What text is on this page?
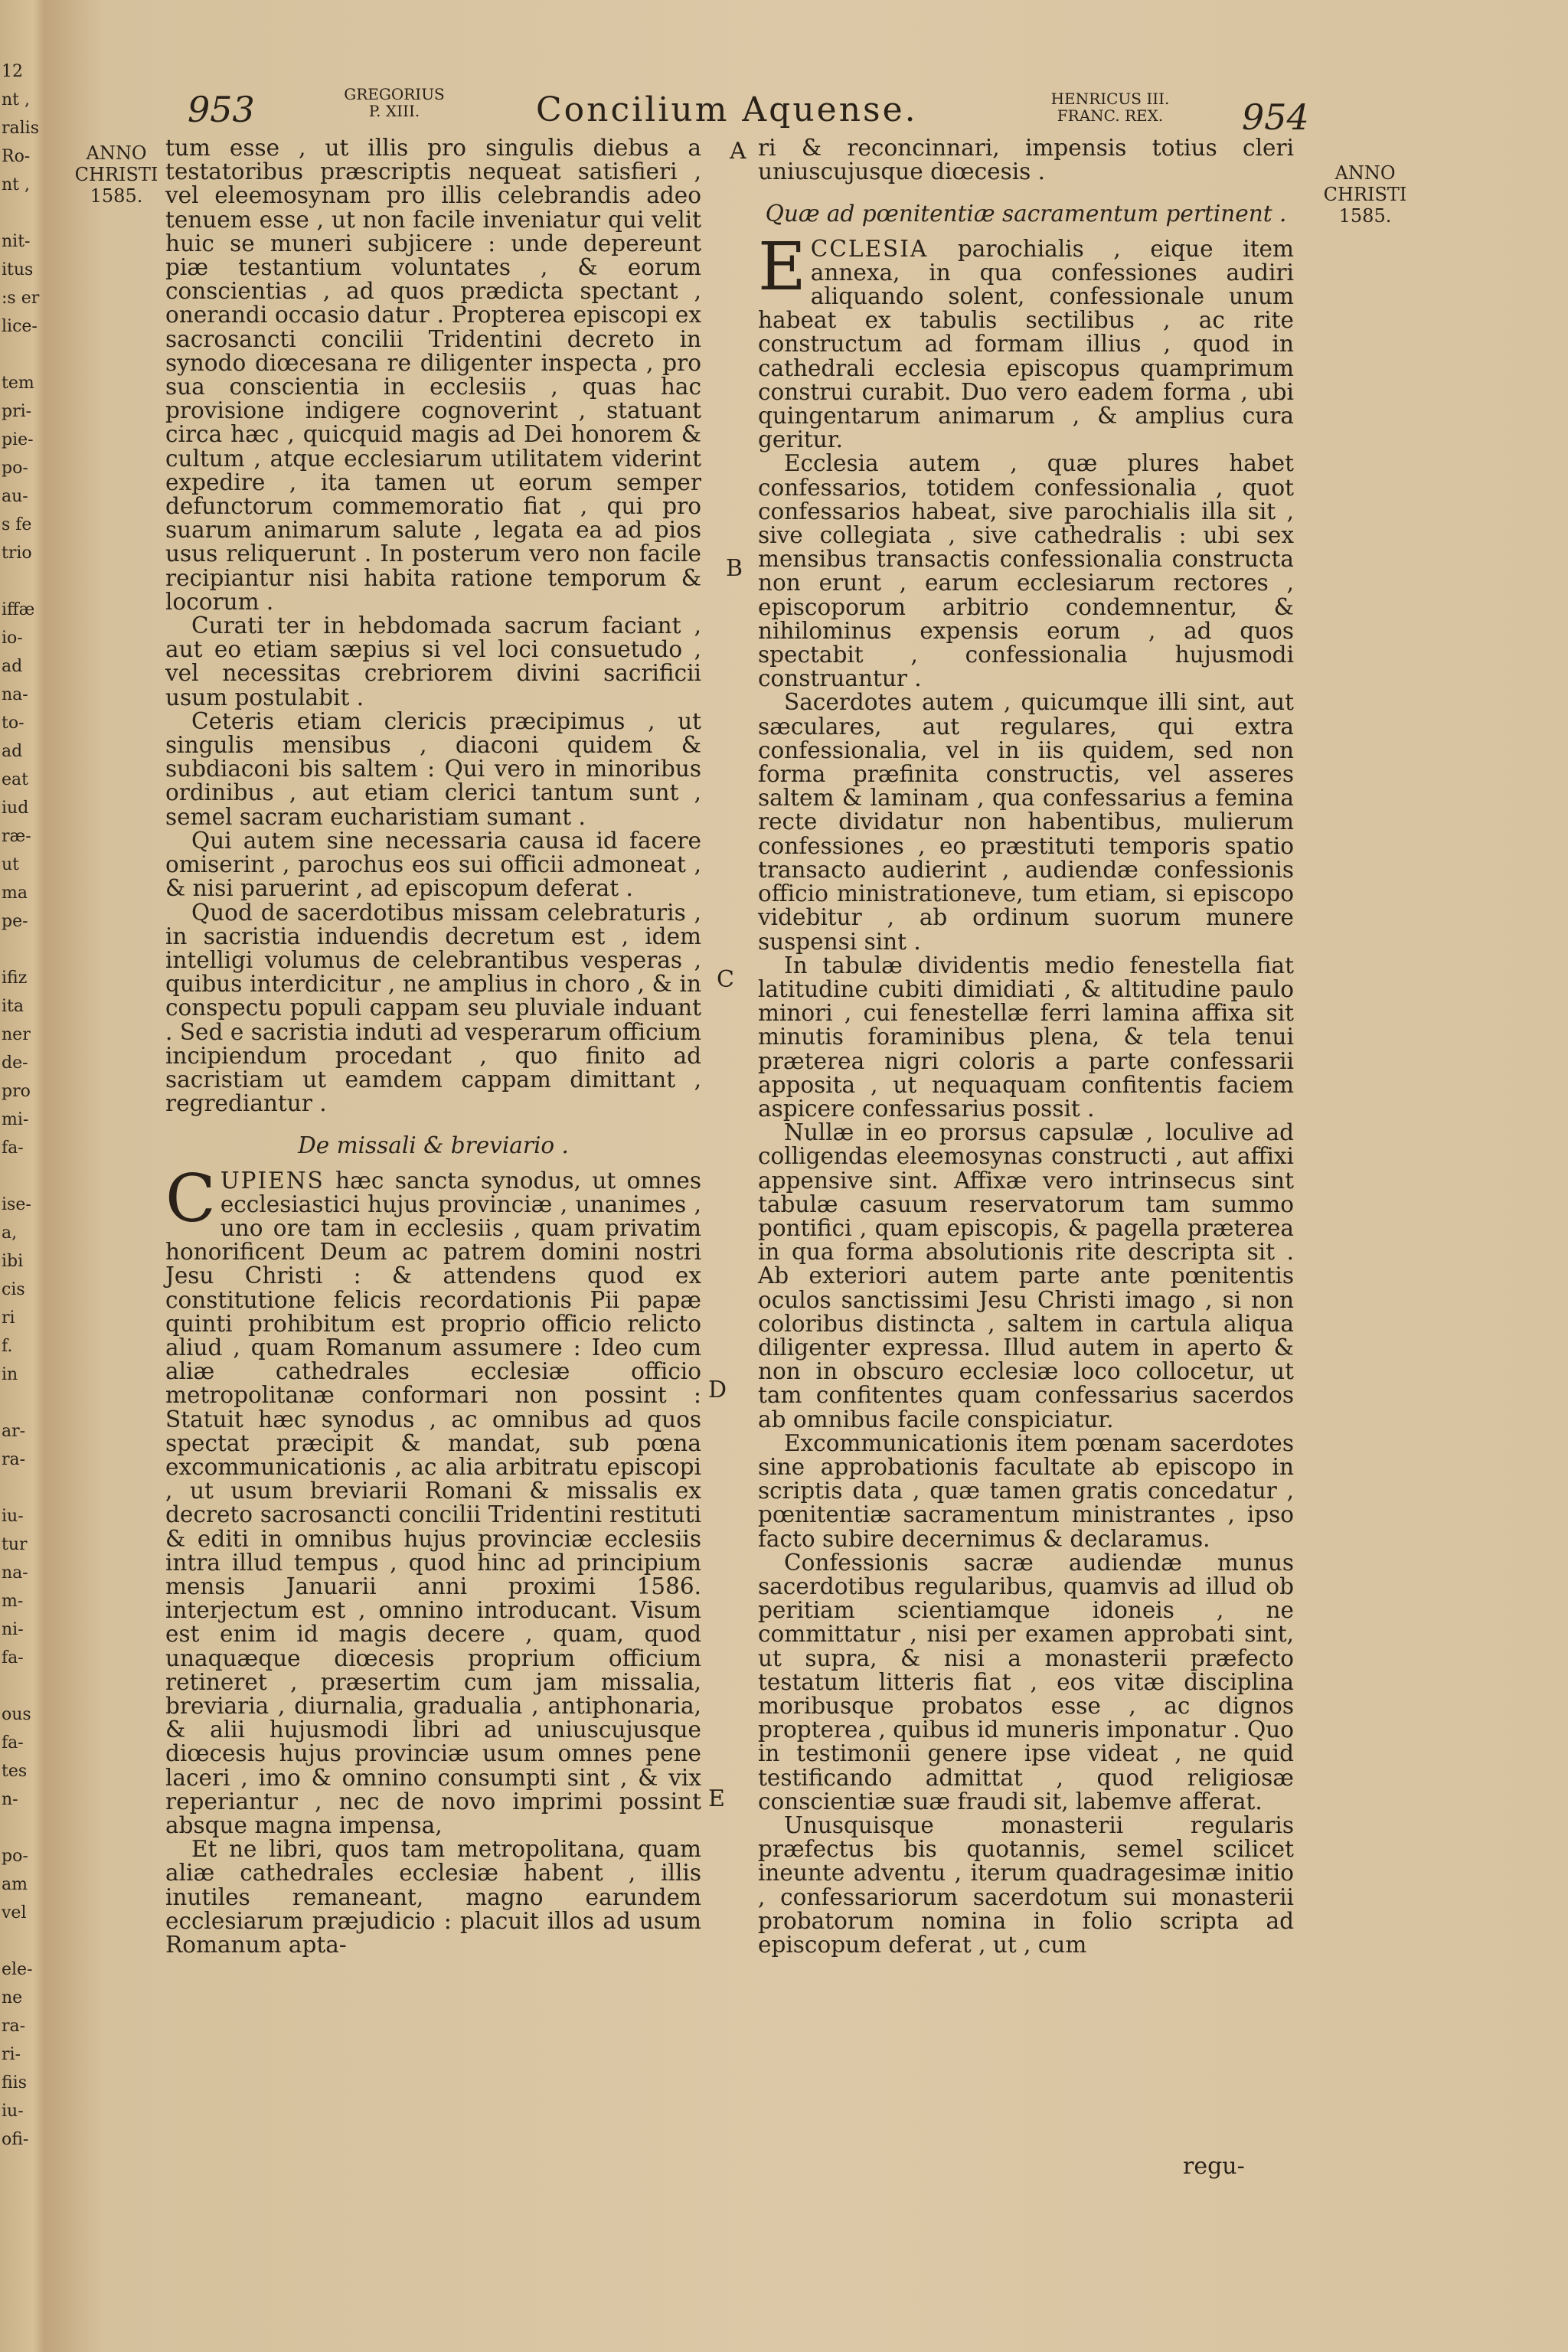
12
nt ,
ralis
Ro-
nt ,
nit-
itus
:s er
lice-
tem
pri-
pie-
po-
au-
s fe
trio
iffæ
io-
ad
na-
to-
ad
eat
iud
ræ-
ut
ma
pe-
ifiz
ita
ner
de-
pro
mi-
fa-
ise-
a,
ibi
cis
ri
f.
in
ar-
ra-
iu-
tur
na-
m-
ni-
fa-
ous
fa-
tes
n-
po-
am
vel
ele-
ne
ra-
ri-
fiis
iu-
ofi-
953	GREGORIUS
P. XIII.	Concilium Aquense.	HENRICUS III.
FRANC. REX.	954
ANNO
CHRISTI
1585.
ANNO
CHRISTI
1585.
A
B
C
D
E

tum esse , ut illis pro singulis diebus a testatoribus præscriptis nequeat satisfieri , vel eleemosynam pro illis celebrandis adeo tenuem esse , ut non facile inveniatur qui velit huic se muneri subjicere : unde depereunt piæ testantium voluntates , & eorum conscientias , ad quos prædicta spectant , onerandi occasio datur . Propterea episcopi ex sacrosancti concilii Tridentini decreto in synodo diœcesana re diligenter inspecta , pro sua conscientia in ecclesiis , quas hac provisione indigere cognoverint , statuant circa hæc , quicquid magis ad Dei honorem & cultum , atque ecclesiarum utilitatem viderint expedire , ita tamen ut eorum semper defunctorum commemoratio fiat , qui pro suarum animarum salute , legata ea ad pios usus reliquerunt . In posterum vero non facile recipiantur nisi habita ratione temporum & locorum .

Curati ter in hebdomada sacrum faciant , aut eo etiam sæpius si vel loci consuetudo , vel necessitas crebriorem divini sacrificii usum postulabit .

Ceteris etiam clericis præcipimus , ut singulis mensibus , diaconi quidem & subdiaconi bis saltem : Qui vero in minoribus ordinibus , aut etiam clerici tantum sunt , semel sacram eucharistiam sumant .

Qui autem sine necessaria causa id facere omiserint , parochus eos sui officii admoneat , & nisi paruerint , ad episcopum deferat .

Quod de sacerdotibus missam celebraturis , in sacristia induendis decretum est , idem intelligi volumus de celebrantibus vesperas , quibus interdicitur , ne amplius in choro , & in conspectu populi cappam seu pluviale induant . Sed e sacristia induti ad vesperarum officium incipiendum procedant , quo finito ad sacristiam ut eamdem cappam dimittant , regrediantur .

De missali & breviario .

CUPIENS hæc sancta synodus, ut omnes ecclesiastici hujus provinciæ , unanimes , uno ore tam in ecclesiis , quam privatim honorificent Deum ac patrem domini nostri Jesu Christi : & attendens quod ex constitutione felicis recordationis Pii papæ quinti prohibitum est proprio officio relicto aliud , quam Romanum assumere : Ideo cum aliæ cathedrales ecclesiæ officio metropolitanæ conformari non possint : Statuit hæc synodus , ac omnibus ad quos spectat præcipit & mandat, sub pœna excommunicationis , ac alia arbitratu episcopi , ut usum breviarii Romani & missalis ex decreto sacrosancti concilii Tridentini restituti & editi in omnibus hujus provinciæ ecclesiis intra illud tempus , quod hinc ad principium mensis Januarii anni proximi 1586. interjectum est , omnino introducant. Visum est enim id magis decere , quam, quod unaquæque diœcesis proprium officium retineret , præsertim cum jam missalia, breviaria , diurnalia, gradualia , antiphonaria, & alii hujusmodi libri ad uniuscujusque diœcesis hujus provinciæ usum omnes pene laceri , imo & omnino consumpti sint , & vix reperiantur , nec de novo imprimi possint absque magna impensa,

Et ne libri, quos tam metropolitana, quam aliæ cathedrales ecclesiæ habent , illis inutiles remaneant, magno earundem ecclesiarum præjudicio : placuit illos ad usum Romanum apta-

ri & reconcinnari, impensis totius cleri uniuscujusque diœcesis .

Quæ ad pœnitentiæ sacramentum pertinent .

ECCLESIA parochialis , eique item annexa, in qua confessiones audiri aliquando solent, confessionale unum habeat ex tabulis sectilibus , ac rite constructum ad formam illius , quod in cathedrali ecclesia episcopus quamprimum construi curabit. Duo vero eadem forma , ubi quingentarum animarum , & amplius cura geritur.

Ecclesia autem , quæ plures habet confessarios, totidem confessionalia , quot confessarios habeat, sive parochialis illa sit , sive collegiata , sive cathedralis : ubi sex mensibus transactis confessionalia constructa non erunt , earum ecclesiarum rectores , episcoporum arbitrio condemnentur, & nihilominus expensis eorum , ad quos spectabit , confessionalia hujusmodi construantur .

Sacerdotes autem , quicumque illi sint, aut sæculares, aut regulares, qui extra confessionalia, vel in iis quidem, sed non forma præfinita constructis, vel asseres saltem & laminam , qua confessarius a femina recte dividatur non habentibus, mulierum confessiones , eo præstituti temporis spatio transacto audierint , audiendæ confessionis officio ministrationeve, tum etiam, si episcopo videbitur , ab ordinum suorum munere suspensi sint .

In tabulæ dividentis medio fenestella fiat latitudine cubiti dimidiati , & altitudine paulo minori , cui fenestellæ ferri lamina affixa sit minutis foraminibus plena, & tela tenui præterea nigri coloris a parte confessarii apposita , ut nequaquam confitentis faciem aspicere confessarius possit .

Nullæ in eo prorsus capsulæ , loculive ad colligendas eleemosynas constructi , aut affixi appensive sint. Affixæ vero intrinsecus sint tabulæ casuum reservatorum tam summo pontifici , quam episcopis, & pagella præterea in qua forma absolutionis rite descripta sit . Ab exteriori autem parte ante pœnitentis oculos sanctissimi Jesu Christi imago , si non coloribus distincta , saltem in cartula aliqua diligenter expressa. Illud autem in aperto & non in obscuro ecclesiæ loco collocetur, ut tam confitentes quam confessarius sacerdos ab omnibus facile conspiciatur.

Excommunicationis item pœnam sacerdotes sine approbationis facultate ab episcopo in scriptis data , quæ tamen gratis concedatur , pœnitentiæ sacramentum ministrantes , ipso facto subire decernimus & declaramus.

Confessionis sacræ audiendæ munus sacerdotibus regularibus, quamvis ad illud ob peritiam scientiamque idoneis , ne committatur , nisi per examen approbati sint, ut supra, & nisi a monasterii præfecto testatum litteris fiat , eos vitæ disciplina moribusque probatos esse , ac dignos propterea , quibus id muneris imponatur . Quo in testimonii genere ipse videat , ne quid testificando admittat , quod religiosæ conscientiæ suæ fraudi sit, labemve afferat.

Unusquisque monasterii regularis præfectus bis quotannis, semel scilicet ineunte adventu , iterum quadragesimæ initio , confessariorum sacerdotum sui monasterii probatorum nomina in folio scripta ad episcopum deferat , ut , cum

regu-
